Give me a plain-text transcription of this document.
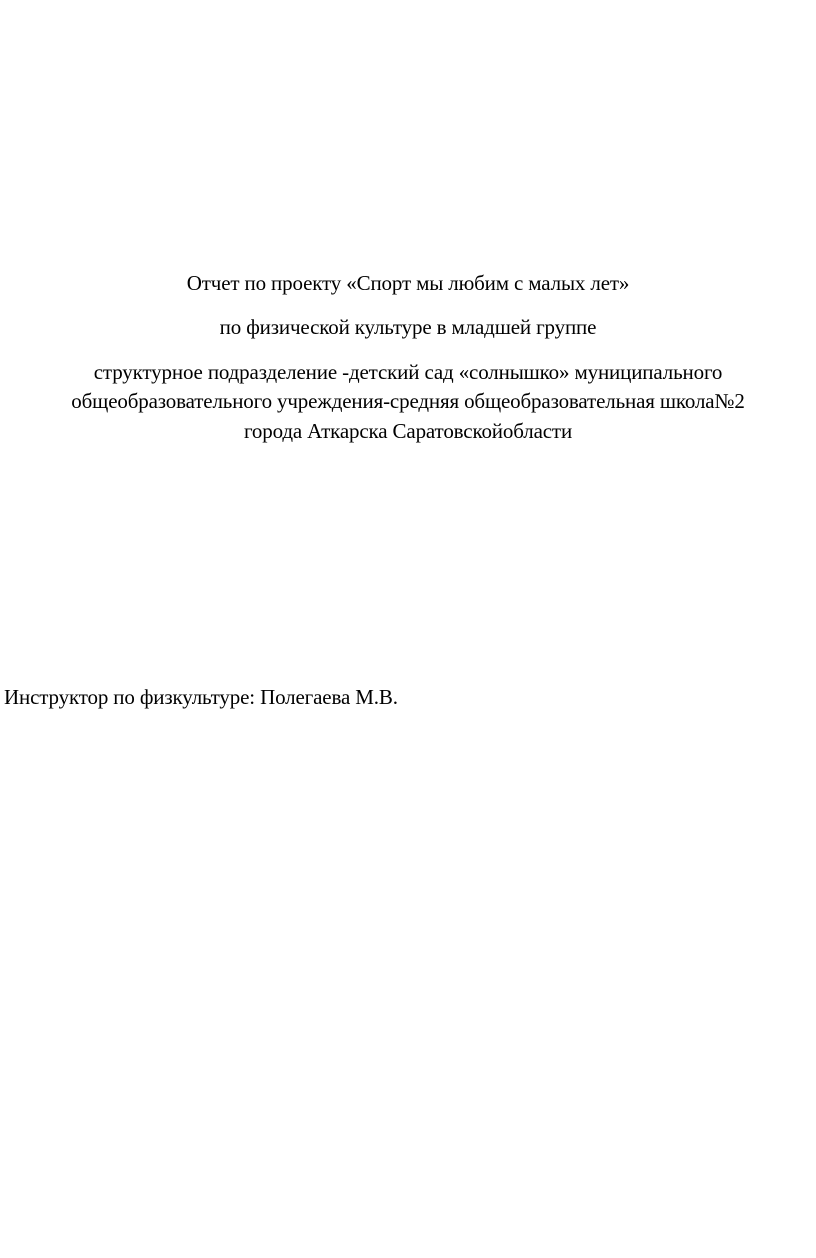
Отчет по проекту «Спорт мы любим с малых лет»

по физической культуре в младшей группе

структурное подразделение -детский сад «солнышко» муниципального

общеобразовательного учреждения-средняя общеобразовательная школа№2

города Аткарска Саратовскойобласти

Инструктор по физкультуре: Полегаева М.В.
